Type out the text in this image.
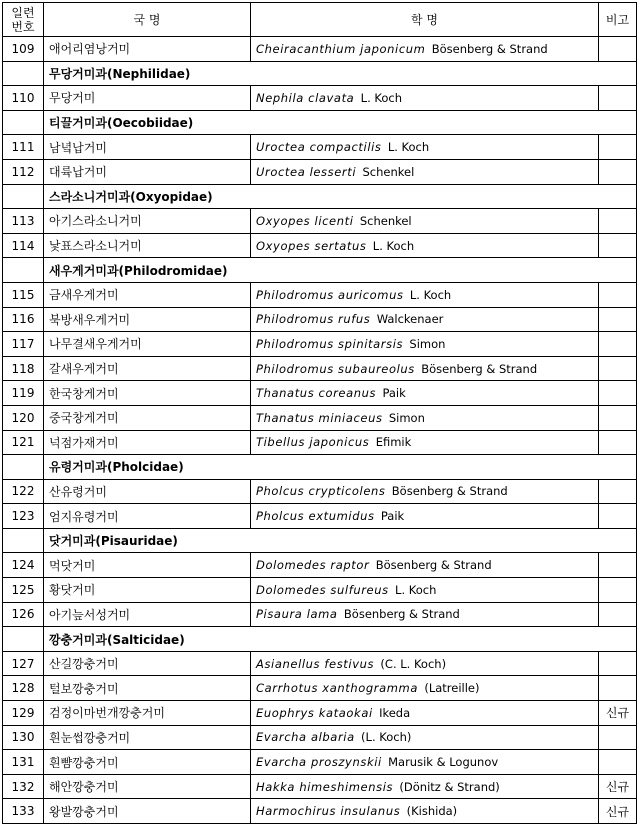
일련
번호	국 명	학 명	비고
109	애어리염낭거미	Cheiracanthium japonicum Bösenberg & Strand	
	무당거미과(Nephilidae)		
110	무당거미	Nephila clavata L. Koch	
	티끌거미과(Oecobiidae)		
111	남녘납거미	Uroctea compactilis L. Koch	
112	대륙납거미	Uroctea lesserti Schenkel	
	스라소니거미과(Oxyopidae)		
113	아기스라소니거미	Oxyopes licenti Schenkel	
114	낯표스라소니거미	Oxyopes sertatus L. Koch	
	새우게거미과(Philodromidae)		
115	금새우게거미	Philodromus auricomus L. Koch	
116	북방새우게거미	Philodromus rufus Walckenaer	
117	나무결새우게거미	Philodromus spinitarsis Simon	
118	갈새우게거미	Philodromus subaureolus Bösenberg & Strand	
119	한국창게거미	Thanatus coreanus Paik	
120	중국창게거미	Thanatus miniaceus Simon	
121	넉점가재거미	Tibellus japonicus Efimik	
	유령거미과(Pholcidae)		
122	산유령거미	Pholcus crypticolens Bösenberg & Strand	
123	엄지유령거미	Pholcus extumidus Paik	
	닷거미과(Pisauridae)		
124	먹닷거미	Dolomedes raptor Bösenberg & Strand	
125	황닷거미	Dolomedes sulfureus L. Koch	
126	아기늪서성거미	Pisaura lama Bösenberg & Strand	
	깡충거미과(Salticidae)		
127	산길깡충거미	Asianellus festivus (C. L. Koch)	
128	털보깡충거미	Carrhotus xanthogramma (Latreille)	
129	검정이마번개깡충거미	Euophrys kataokai Ikeda	신규
130	흰눈썹깡충거미	Evarcha albaria (L. Koch)	
131	흰뺨깡충거미	Evarcha proszynskii Marusik & Logunov	
132	해안깡충거미	Hakka himeshimensis (Dönitz & Strand)	신규
133	왕발깡충거미	Harmochirus insulanus (Kishida)	신규
